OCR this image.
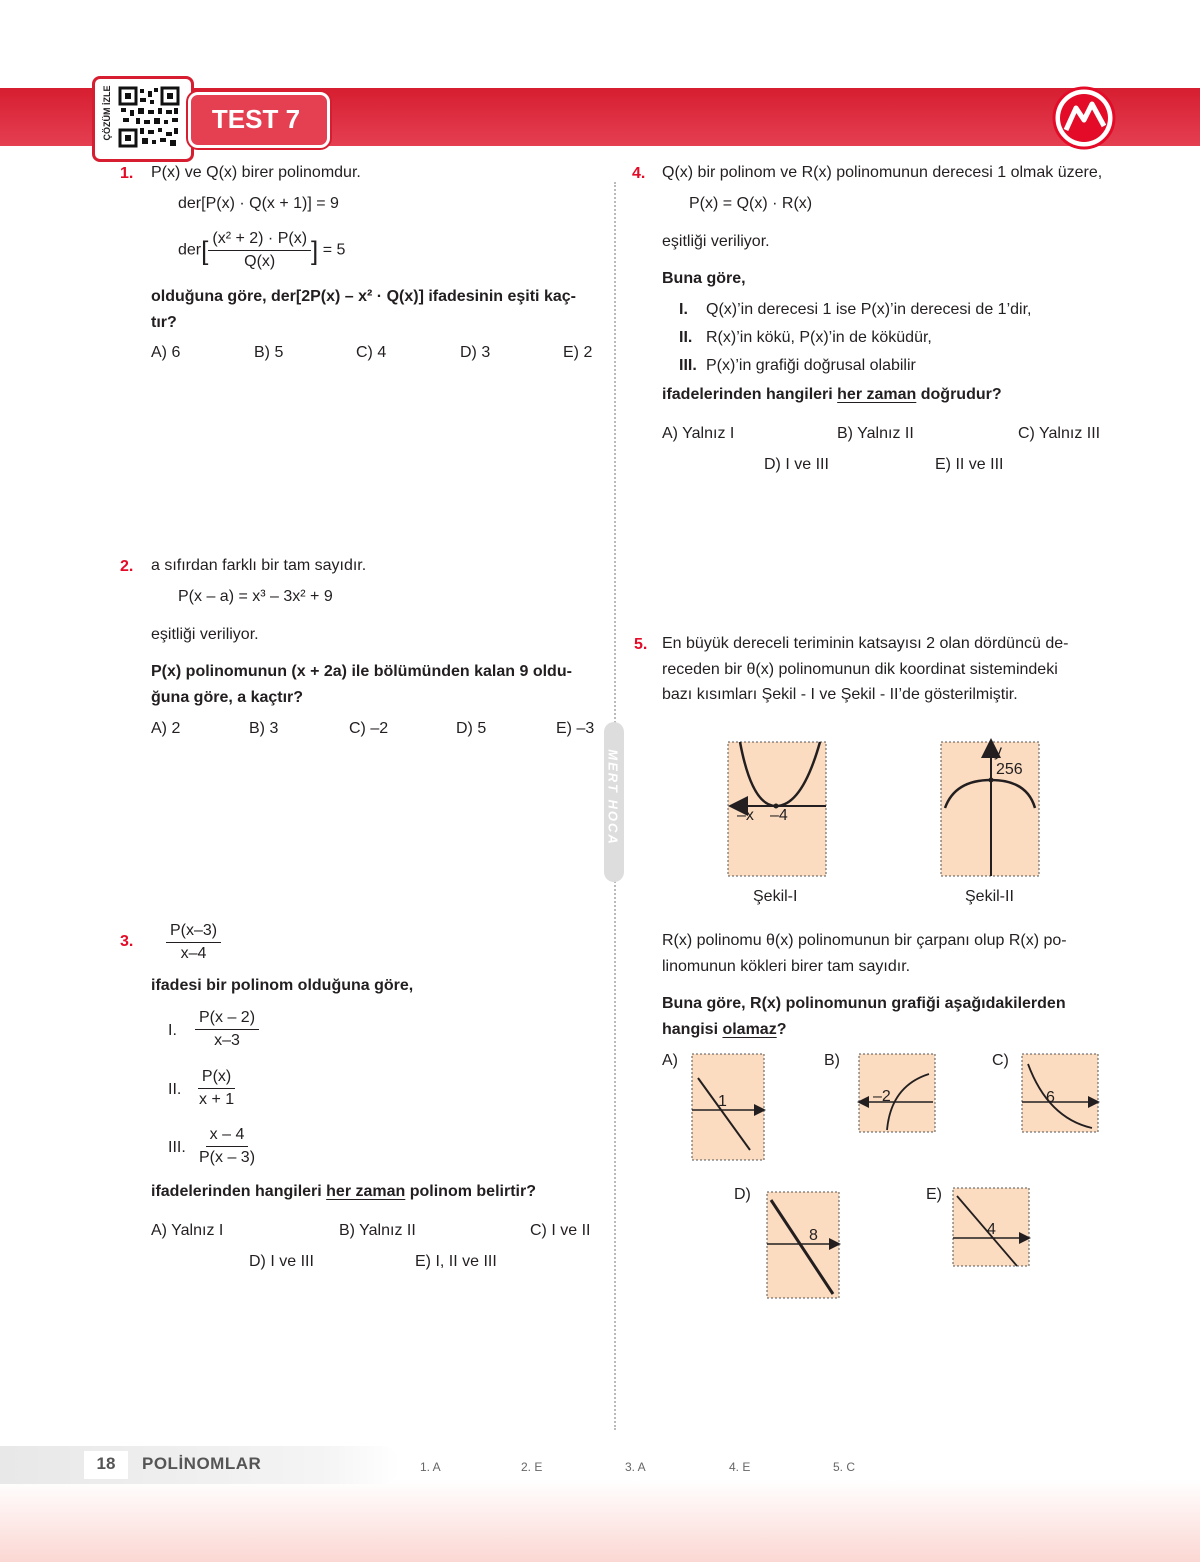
ÇÖZÜM İZLE	TEST 7
MERT HOCA
1. P(x) ve Q(x) birer polinomdur.
der[P(x) · Q(x + 1)] = 9
$der[ \frac{\text{(x² + 2) · P(x)}}{Q(x)}$ ] = 5
olduğuna göre, der[2P(x) – x² · Q(x)] ifadesinin eşiti kaç-
tır?
A) 6	B) 5	C) 4	D) 3	E) 2
2. a sıfırdan farklı bir tam sayıdır.
P(x – a) = x³ – 3x² + 9
eşitliği veriliyor.
P(x) polinomunun (x + 2a) ile bölümünden kalan 9 oldu-
ğuna göre, a kaçtır?
A) 2	B) 3	C) –2	D) 5	E) –3
3. $\frac{P(x-3)}{x-4}$
ifadesi bir polinom olduğuna göre,
I. $\frac{P(x - 2)}{x-3}$
II. $\frac{P(x)}{x + 1}$
III. $\frac{x - 4}{P(x - 3)}$
ifadelerinden hangileri her zaman polinom belirtir?
A) Yalnız I	B) Yalnız II	C) I ve II
D) I ve III	E) I, II ve III
4. Q(x) bir polinom ve R(x) polinomunun derecesi 1 olmak üzere,
P(x) = Q(x) · R(x)
eşitliği veriliyor.
Buna göre,
I. Q(x)’in derecesi 1 ise P(x)’in derecesi de 1’dir,
II. R(x)’in kökü, P(x)’in de köküdür,
III. P(x)’in grafiği doğrusal olabilir
ifadelerinden hangileri her zaman doğrudur?
A) Yalnız I	B) Yalnız II	C) Yalnız III
D) I ve III	E) II ve III
5. En büyük dereceli teriminin katsayısı 2 olan dördüncü de-
receden bir θ(x) polinomunun dik koordinat sistemindeki
bazı kısımları Şekil - I ve Şekil - II’de gösterilmiştir.
–x –4
Şekil-I
y
256
Şekil-II
R(x) polinomu θ(x) polinomunun bir çarpanı olup R(x) po-
linomunun kökleri birer tam sayıdır.
Buna göre, R(x) polinomunun grafiği aşağıdakilerden
hangisi olamaz?
A)
1
B)
–2
C)
6
D)
8
E)
4
18	POLİNOMLAR	1. A	2. E	3. A	4. E	5. C
